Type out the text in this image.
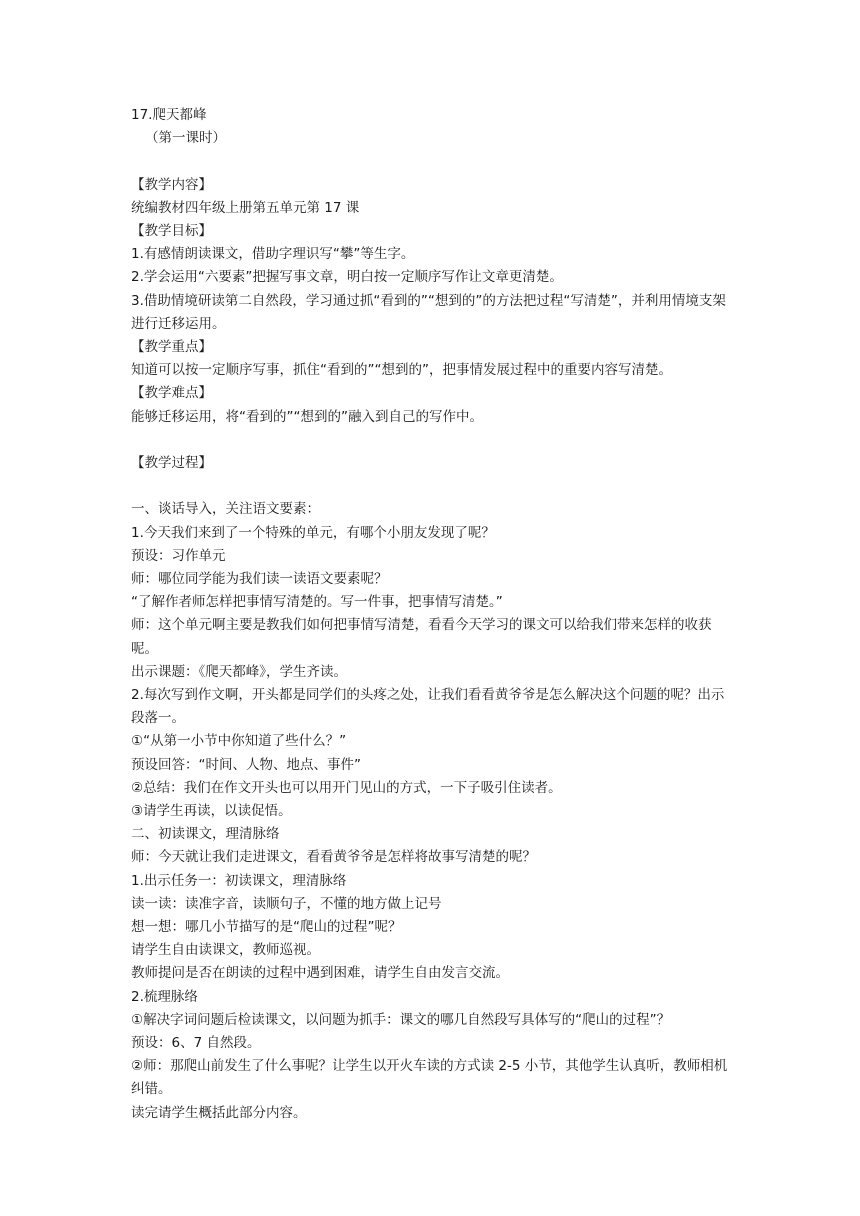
17.爬天都峰
（第一课时）
【教学内容】
统编教材四年级上册第五单元第 17 课
【教学目标】
1.有感情朗读课文，借助字理识写“攀”等生字。
2.学会运用“六要素”把握写事文章，明白按一定顺序写作让文章更清楚。
3.借助情境研读第二自然段，学习通过抓“看到的”“想到的”的方法把过程“写清楚”，并利用情境支架进行迁移运用。
【教学重点】
知道可以按一定顺序写事，抓住“看到的”“想到的”，把事情发展过程中的重要内容写清楚。
【教学难点】
能够迁移运用，将“看到的”“想到的”融入到自己的写作中。
【教学过程】
一、谈话导入，关注语文要素：
1.今天我们来到了一个特殊的单元，有哪个小朋友发现了呢？
预设：习作单元
师：哪位同学能为我们读一读语文要素呢？
“了解作者师怎样把事情写清楚的。写一件事，把事情写清楚。”
师：这个单元啊主要是教我们如何把事情写清楚，看看今天学习的课文可以给我们带来怎样的收获呢。
出示课题：《爬天都峰》，学生齐读。
2.每次写到作文啊，开头都是同学们的头疼之处，让我们看看黄爷爷是怎么解决这个问题的呢？出示段落一。
①“从第一小节中你知道了些什么？”
预设回答：“时间、人物、地点、事件”
②总结：我们在作文开头也可以用开门见山的方式，一下子吸引住读者。
③请学生再读，以读促悟。
二、初读课文，理清脉络
师：今天就让我们走进课文，看看黄爷爷是怎样将故事写清楚的呢？
1.出示任务一：初读课文，理清脉络
读一读：读准字音，读顺句子，不懂的地方做上记号
想一想：哪几小节描写的是“爬山的过程”呢？
请学生自由读课文，教师巡视。
教师提问是否在朗读的过程中遇到困难，请学生自由发言交流。
2.梳理脉络
①解决字词问题后检读课文，以问题为抓手：课文的哪几自然段写具体写的“爬山的过程”？
预设：6、7 自然段。
②师：那爬山前发生了什么事呢？让学生以开火车读的方式读 2-5 小节，其他学生认真听，教师相机纠错。
读完请学生概括此部分内容。
